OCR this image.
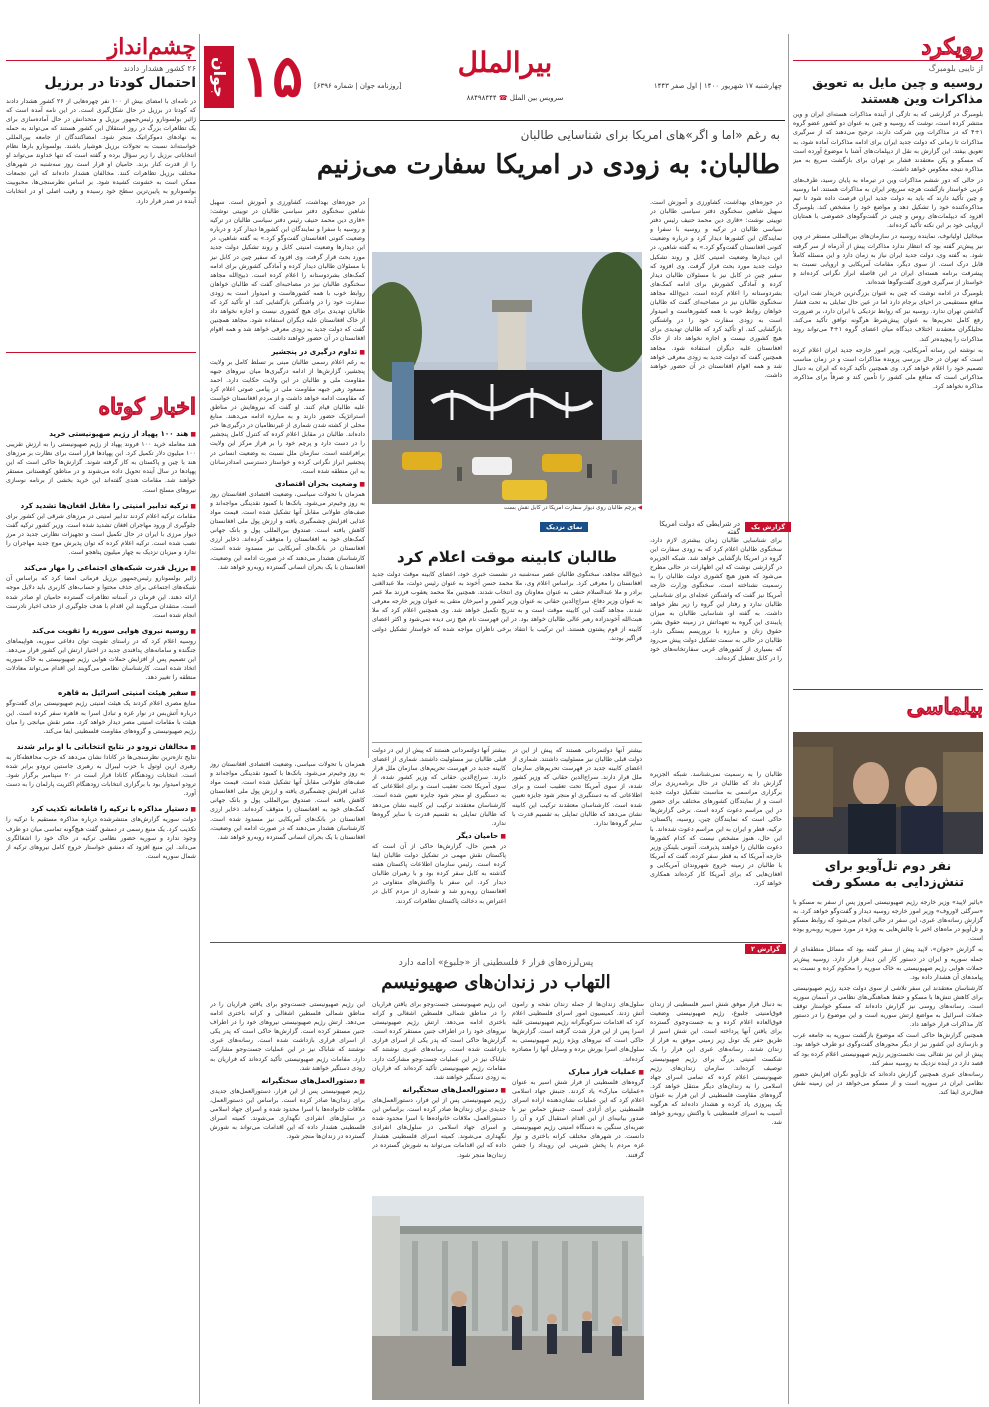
جوان ۱۵	بیرالملل
چهارشنبه ۱۷ شهریور ۱۴۰۰ | اول صفر ۱۴۴۳
[روزنامه جوان | شماره ۶۳۹۶]
سرویس بین الملل ☎ ۸۸۴۹۸۴۴۴
رویکرد
از تایبی بلومبرگ
روسیه و چین مایل به تعویق مذاکرات وین هستند

بلومبرگ در گزارشی که به تازگی از آینده مذاکرات هسته‌ای ایران و وین منتشر کرده است، نوشت که روسیه و چین به عنوان دو کشور عضو گروه ۱+۴ که در مذاکرات وین شرکت دارند، ترجیح می‌دهند که از سرگیری مذاکرات تا زمانی که دولت جدید ایران برای ادامه مذاکرات آماده شود، به تعویق بیفتد. این گزارش به نقل از دیپلمات‌های آشنا با موضوع آورده است که مسکو و پکن معتقدند فشار بر تهران برای بازگشت سریع به میز مذاکره نتیجه معکوس خواهد داشت.

در حالی که دور ششم مذاکرات وین در تیرماه به پایان رسید، طرف‌های غربی خواستار بازگشت هرچه سریع‌تر ایران به مذاکرات هستند. اما روسیه و چین تأکید دارند که باید به دولت جدید ایران فرصت داده شود تا تیم مذاکره‌کننده خود را تشکیل دهد و مواضع خود را مشخص کند. بلومبرگ افزود که دیپلمات‌های روس و چینی در گفت‌وگوهای خصوصی با همتایان اروپایی خود بر این نکته تأکید کرده‌اند.

میخائیل اولیانوف، نماینده روسیه در سازمان‌های بین‌المللی مستقر در وین نیز پیش‌تر گفته بود که انتظار ندارد مذاکرات پیش از آذرماه از سر گرفته شود. به گفته وی، دولت جدید ایران نیاز به زمان دارد و این مسئله کاملاً قابل درک است. از سوی دیگر، مقامات آمریکایی و اروپایی نسبت به پیشرفت برنامه هسته‌ای ایران در این فاصله ابراز نگرانی کرده‌اند و خواستار از سرگیری فوری گفت‌وگوها شده‌اند.

بلومبرگ در ادامه نوشت که چین به عنوان بزرگ‌ترین خریدار نفت ایران، منافع مستقیمی در احیای برجام دارد اما در عین حال تمایلی به تحت فشار گذاشتن تهران ندارد. روسیه نیز که روابط نزدیکی با ایران دارد، بر ضرورت رفع کامل تحریم‌ها به عنوان پیش‌شرط هرگونه توافق تأکید می‌کند. تحلیلگران معتقدند اختلاف دیدگاه میان اعضای گروه ۱+۴ می‌تواند روند مذاکرات را پیچیده‌تر کند.

به نوشته این رسانه آمریکایی، وزیر امور خارجه جدید ایران اعلام کرده است که تهران در حال بررسی پرونده مذاکرات است و در زمان مناسب تصمیم خود را اعلام خواهد کرد. وی همچنین تأکید کرده که ایران به دنبال مذاکراتی است که منافع ملی کشور را تأمین کند و صرفاً برای مذاکره، مذاکره نخواهد کرد.

بیلماسی
نفر دوم تل‌آویو برای تنش‌زدایی به مسکو رفت

«یائیر لاپید» وزیر خارجه رژیم صهیونیستی امروز پس از سفر به مسکو با «سرگئی لاوروف» وزیر امور خارجه روسیه دیدار و گفت‌وگو خواهد کرد. به گزارش رسانه‌های عبری، این سفر در حالی انجام می‌شود که روابط مسکو و تل‌آویو در ماه‌های اخیر با چالش‌هایی به ویژه در مورد سوریه روبه‌رو بوده است.

به گزارش «جوان»، لاپید پیش از سفر گفته بود که مسائل منطقه‌ای از جمله سوریه و ایران در دستور کار این دیدار قرار دارد. روسیه پیش‌تر حملات هوایی رژیم صهیونیستی به خاک سوریه را محکوم کرده و نسبت به پیامدهای آن هشدار داده بود.

کارشناسان معتقدند این سفر تلاشی از سوی دولت جدید رژیم صهیونیستی برای کاهش تنش‌ها با مسکو و حفظ هماهنگی‌های نظامی در آسمان سوریه است. رسانه‌های روسی نیز گزارش داده‌اند که مسکو خواستار توقف حملات اسرائیل به مواضع ارتش سوریه است و این موضوع را در دستور کار مذاکرات قرار خواهد داد.

همچنین گزارش‌ها حاکی است که موضوع بازگشت سوریه به جامعه عرب و بازسازی این کشور نیز از دیگر محورهای گفت‌وگوی دو طرف خواهد بود. پیش از این نیز نفتالی بنت نخست‌وزیر رژیم صهیونیستی اعلام کرده بود که قصد دارد در آینده نزدیک به روسیه سفر کند.

رسانه‌های عبری همچنین گزارش داده‌اند که تل‌آویو نگران افزایش حضور نظامی ایران در سوریه است و از مسکو می‌خواهد در این زمینه نقش فعال‌تری ایفا کند.

چشم‌انداز
۲۶ کشور هشدار دادند
احتمال کودتا در برزیل
در نامه‌ای با امضای بیش از ۱۰۰ نفر چهره‌هایی از ۲۶ کشور هشدار دادند که کودتا در برزیل در حال شکل‌گیری است. در این نامه آمده است که ژائیر بولسونارو رئیس‌جمهور برزیل و متحدانش در حال آماده‌سازی برای یک تظاهرات بزرگ در روز استقلال این کشور هستند که می‌تواند به حمله به نهادهای دموکراتیک منجر شود. امضاکنندگان از جامعه بین‌المللی خواسته‌اند نسبت به تحولات برزیل هوشیار باشند. بولسونارو بارها نظام انتخاباتی برزیل را زیر سؤال برده و گفته است که تنها خداوند می‌تواند او را از قدرت کنار بزند. حامیان او قرار است روز سه‌شنبه در شهرهای مختلف برزیل تظاهرات کنند. مخالفان هشدار داده‌اند که این تجمعات ممکن است به خشونت کشیده شود. بر اساس نظرسنجی‌ها، محبوبیت بولسونارو به پایین‌ترین سطح خود رسیده و رقیب اصلی او در انتخابات آینده در صدر قرار دارد.
اخبار کوتاه
■ هند ۱۰۰ پهپاد از رژیم صهیونیستی خرید

هند معامله خرید ۱۰۰ فروند پهپاد از رژیم صهیونیستی را به ارزش تقریبی ۱۰۰ میلیون دلار تکمیل کرد. این پهپادها قرار است برای نظارت بر مرزهای هند با چین و پاکستان به کار گرفته شوند. گزارش‌ها حاکی است که این پهپادها در سال آینده تحویل داده می‌شوند و در مناطق کوهستانی مستقر خواهند شد. مقامات هندی گفته‌اند این خرید بخشی از برنامه نوسازی نیروهای مسلح است.

■ ترکیه تدابیر امنیتی را مقابل افغان‌ها تشدید کرد

مقامات ترکیه اعلام کردند تدابیر امنیتی در مرزهای شرقی این کشور برای جلوگیری از ورود مهاجران افغان تشدید شده است. وزیر کشور ترکیه گفت دیوار مرزی با ایران در حال تکمیل است و تجهیزات نظارتی جدید در مرز نصب شده است. ترکیه اعلام کرده که توان پذیرش موج جدید مهاجران را ندارد و میزبان نزدیک به چهار میلیون پناهجو است.

■ برزیل قدرت شبکه‌های اجتماعی را مهار می‌کند

ژائیر بولسونارو رئیس‌جمهور برزیل فرمانی امضا کرد که براساس آن شبکه‌های اجتماعی برای حذف محتوا و حساب‌های کاربری باید دلایل موجه ارائه دهند. این فرمان در آستانه تظاهرات گسترده حامیان او صادر شده است. منتقدان می‌گویند این اقدام با هدف جلوگیری از حذف اخبار نادرست انجام شده است.

■ روسیه نیروی هوایی سوریه را تقویت می‌کند

روسیه اعلام کرد که در راستای تقویت توان دفاعی سوریه، هواپیماهای جنگنده و سامانه‌های پدافندی جدید در اختیار ارتش این کشور قرار می‌دهد. این تصمیم پس از افزایش حملات هوایی رژیم صهیونیستی به خاک سوریه اتخاذ شده است. کارشناسان نظامی می‌گویند این اقدام می‌تواند معادلات منطقه را تغییر دهد.

■ سفیر هیئت امنیتی اسرائیل به قاهره

منابع مصری اعلام کردند یک هیئت امنیتی رژیم صهیونیستی برای گفت‌وگو درباره آتش‌بس در نوار غزه و تبادل اسرا به قاهره سفر کرده است. این هیئت با مقامات امنیتی مصر دیدار خواهد کرد. مصر نقش میانجی را میان رژیم صهیونیستی و گروه‌های مقاومت فلسطینی ایفا می‌کند.

■ مخالفان ترودو در نتایج انتخاباتی با او برابر شدند

نتایج تازه‌ترین نظرسنجی‌ها در کانادا نشان می‌دهد که حزب محافظه‌کار به رهبری ارین اوتول با حزب لیبرال به رهبری جاستین ترودو برابر شده است. انتخابات زودهنگام کانادا قرار است در ۲۰ سپتامبر برگزار شود. ترودو امیدوار بود با برگزاری انتخابات زودهنگام اکثریت پارلمان را به دست آورد.

■ دستیار مذاکره با ترکیه را قاطعانه تکذیب کرد

دولت سوریه گزارش‌های منتشرشده درباره مذاکره مستقیم با ترکیه را تکذیب کرد. یک منبع رسمی در دمشق گفت هیچ‌گونه تماسی میان دو طرف وجود ندارد و سوریه حضور نظامی ترکیه در خاک خود را اشغالگری می‌داند. این منبع افزود که دمشق خواستار خروج کامل نیروهای ترکیه از شمال سوریه است.

به رغم «اما و اگر»های امریکا برای شناسایی طالبان
طالبان: به زودی در امریکا سفارت می‌زنیم
در حوزه‌های بهداشت، کشاورزی و آموزش است. سهیل شاهین سخنگوی دفتر سیاسی طالبان در توییتی نوشت: «قاری دین محمد حنیف رئیس دفتر سیاسی طالبان در ترکیه و روسیه با سفرا و نمایندگان این کشورها دیدار کرد و درباره وضعیت کنونی افغانستان گفت‌وگو کرد.» به گفته شاهین، در این دیدارها وضعیت امنیتی کابل و روند تشکیل دولت جدید مورد بحث قرار گرفت. وی افزود که سفیر چین در کابل نیز با مسئولان طالبان دیدار کرده و آمادگی کشورش برای ادامه کمک‌های بشردوستانه را اعلام کرده است. ذبیح‌الله مجاهد سخنگوی طالبان نیز در مصاحبه‌ای گفت که طالبان خواهان روابط خوب با همه کشورهاست و امیدوار است به زودی سفارت خود را در واشنگتن بازگشایی کند. او تأکید کرد که طالبان تهدیدی برای هیچ کشوری نیست و اجازه نخواهد داد از خاک افغانستان علیه دیگران استفاده شود. مجاهد همچنین گفت که دولت جدید به زودی معرفی خواهد شد و همه اقوام افغانستان در آن حضور خواهند داشت.
◀ پرچم طالبان روی دیوار سفارت امریکا در کابل نقش بست

در حوزه‌های بهداشت، کشاورزی و آموزش است. سهیل شاهین سخنگوی دفتر سیاسی طالبان در توییتی نوشت: «قاری دین محمد حنیف رئیس دفتر سیاسی طالبان در ترکیه و روسیه با سفرا و نمایندگان این کشورها دیدار کرد و درباره وضعیت کنونی افغانستان گفت‌وگو کرد.» به گفته شاهین، در این دیدارها وضعیت امنیتی کابل و روند تشکیل دولت جدید مورد بحث قرار گرفت. وی افزود که سفیر چین در کابل نیز با مسئولان طالبان دیدار کرده و آمادگی کشورش برای ادامه کمک‌های بشردوستانه را اعلام کرده است. ذبیح‌الله مجاهد سخنگوی طالبان نیز در مصاحبه‌ای گفت که طالبان خواهان روابط خوب با همه کشورهاست و امیدوار است به زودی سفارت خود را در واشنگتن بازگشایی کند. او تأکید کرد که طالبان تهدیدی برای هیچ کشوری نیست و اجازه نخواهد داد از خاک افغانستان علیه دیگران استفاده شود. مجاهد همچنین گفت که دولت جدید به زودی معرفی خواهد شد و همه اقوام افغانستان در آن حضور خواهند داشت.

■ تداوم درگیری در پنجشیر

به رغم اعلام رسمی طالبان مبنی بر تسلط کامل بر ولایت پنجشیر، گزارش‌ها از ادامه درگیری‌ها میان نیروهای جبهه مقاومت ملی و طالبان در این ولایت حکایت دارد. احمد مسعود رهبر جبهه مقاومت ملی در پیامی صوتی اعلام کرد که مقاومت ادامه خواهد داشت و از مردم افغانستان خواست علیه طالبان قیام کنند. او گفت که نیروهایش در مناطق استراتژیک حضور دارند و به مبارزه ادامه می‌دهند. منابع محلی از کشته شدن شماری از غیرنظامیان در درگیری‌ها خبر داده‌اند. طالبان در مقابل اعلام کرده که کنترل کامل پنجشیر را در دست دارد و پرچم خود را بر فراز مرکز این ولایت برافراشته است. سازمان ملل نسبت به وضعیت انسانی در پنجشیر ابراز نگرانی کرده و خواستار دسترسی امدادرسانان به این منطقه شده است.

■ وضعیت بحران اقتصادی

همزمان با تحولات سیاسی، وضعیت اقتصادی افغانستان روز به روز وخیم‌تر می‌شود. بانک‌ها با کمبود نقدینگی مواجه‌اند و صف‌های طولانی مقابل آنها تشکیل شده است. قیمت مواد غذایی افزایش چشمگیری یافته و ارزش پول ملی افغانستان کاهش یافته است. صندوق بین‌المللی پول و بانک جهانی کمک‌های خود به افغانستان را متوقف کرده‌اند. ذخایر ارزی افغانستان در بانک‌های آمریکایی نیز مسدود شده است. کارشناسان هشدار می‌دهند که در صورت ادامه این وضعیت، افغانستان با یک بحران انسانی گسترده روبه‌رو خواهد شد.

گزارش یک
نمای نزدیک
طالبان کابینه موقت اعلام کرد
در شرایطی که دولت امریکا گفته
برای شناسایی طالبان زمان بیشتری لازم دارد، سخنگوی طالبان اعلام کرد که به زودی سفارت این گروه در امریکا بازگشایی خواهد شد. شبکه الجزیره در گزارشی نوشت که این اظهارات در حالی مطرح می‌شود که هنوز هیچ کشوری دولت طالبان را به رسمیت نشناخته است. سخنگوی وزارت خارجه آمریکا نیز گفت که واشنگتن عجله‌ای برای شناسایی طالبان ندارد و رفتار این گروه را زیر نظر خواهد داشت. به گفته او، شناسایی طالبان به میزان پایبندی این گروه به تعهداتش در زمینه حقوق بشر، حقوق زنان و مبارزه با تروریسم بستگی دارد. طالبان در حالی به سمت تشکیل دولت پیش می‌رود که بسیاری از کشورهای غربی سفارتخانه‌های خود را در کابل تعطیل کرده‌اند.
ذبیح‌الله مجاهد، سخنگوی طالبان عصر سه‌شنبه در نشست خبری خود، اعضای کابینه موقت دولت جدید افغانستان را معرفی کرد. براساس اعلام وی، ملا محمد حسن آخوند به عنوان رئیس دولت، ملا عبدالغنی برادر و ملا عبدالسلام حنفی به عنوان معاونان وی انتخاب شدند. همچنین ملا محمد یعقوب فرزند ملا عمر به عنوان وزیر دفاع، سراج‌الدین حقانی به عنوان وزیر کشور و امیرخان متقی به عنوان وزیر خارجه معرفی شدند. مجاهد گفت این کابینه موقت است و به تدریج تکمیل خواهد شد. وی همچنین اعلام کرد که ملا هبت‌الله آخوندزاده رهبر عالی طالبان خواهد بود. در این فهرست نام هیچ زنی دیده نمی‌شود و اکثر اعضای کابینه از قوم پشتون هستند. این ترکیب با انتقاد برخی ناظران مواجه شده که خواستار تشکیل دولتی فراگیر بودند.
طالبان را به رسمیت نمی‌شناسد. شبکه الجزیره گزارش داد که طالبان در حال برنامه‌ریزی برای برگزاری مراسمی به مناسبت تشکیل دولت جدید است و از نمایندگان کشورهای مختلف برای حضور در این مراسم دعوت کرده است. برخی گزارش‌ها حاکی است که نمایندگان چین، روسیه، پاکستان، ترکیه، قطر و ایران به این مراسم دعوت شده‌اند. با این حال، هنوز مشخص نیست که کدام کشورها دعوت طالبان را خواهند پذیرفت. آنتونی بلینکن وزیر خارجه آمریکا که به قطر سفر کرده، گفت که آمریکا با طالبان در زمینه خروج شهروندان آمریکایی و افغان‌هایی که برای آمریکا کار کرده‌اند همکاری خواهد کرد.
بیشتر آنها دولتمردانی هستند که پیش از این در دولت قبلی طالبان نیز مسئولیت داشتند. شماری از اعضای کابینه جدید در فهرست تحریم‌های سازمان ملل قرار دارند. سراج‌الدین حقانی که وزیر کشور شده، از سوی آمریکا تحت تعقیب است و برای اطلاعاتی که به دستگیری او منجر شود جایزه تعیین شده است. کارشناسان معتقدند ترکیب این کابینه نشان می‌دهد که طالبان تمایلی به تقسیم قدرت با سایر گروه‌ها ندارد.

بیشتر آنها دولتمردانی هستند که پیش از این در دولت قبلی طالبان نیز مسئولیت داشتند. شماری از اعضای کابینه جدید در فهرست تحریم‌های سازمان ملل قرار دارند. سراج‌الدین حقانی که وزیر کشور شده، از سوی آمریکا تحت تعقیب است و برای اطلاعاتی که به دستگیری او منجر شود جایزه تعیین شده است. کارشناسان معتقدند ترکیب این کابینه نشان می‌دهد که طالبان تمایلی به تقسیم قدرت با سایر گروه‌ها ندارد.

■ حامیان دیگر

در همین حال، گزارش‌ها حاکی از آن است که پاکستان نقش مهمی در تشکیل دولت طالبان ایفا کرده است. رئیس سازمان اطلاعات پاکستان هفته گذشته به کابل سفر کرده بود و با رهبران طالبان دیدار کرد. این سفر با واکنش‌های متفاوتی در افغانستان روبه‌رو شد و شماری از مردم کابل در اعتراض به دخالت پاکستان تظاهرات کردند.

همزمان با تحولات سیاسی، وضعیت اقتصادی افغانستان روز به روز وخیم‌تر می‌شود. بانک‌ها با کمبود نقدینگی مواجه‌اند و صف‌های طولانی مقابل آنها تشکیل شده است. قیمت مواد غذایی افزایش چشمگیری یافته و ارزش پول ملی افغانستان کاهش یافته است. صندوق بین‌المللی پول و بانک جهانی کمک‌های خود به افغانستان را متوقف کرده‌اند. ذخایر ارزی افغانستان در بانک‌های آمریکایی نیز مسدود شده است. کارشناسان هشدار می‌دهند که در صورت ادامه این وضعیت، افغانستان با یک بحران انسانی گسترده روبه‌رو خواهد شد.

گزارش ۲
پس‌لرزه‌های فرار ۶ فلسطینی از «جلبوع» ادامه دارد
التهاب در زندان‌های صهیونیسم
به دنبال فرار موفق شش اسیر فلسطینی از زندان فوق‌امنیتی جلبوع، رژیم صهیونیستی وضعیت فوق‌العاده اعلام کرده و به جست‌وجوی گسترده برای یافتن آنها پرداخته است. این شش اسیر از طریق حفر یک تونل زیر زمینی موفق به فرار از زندان شدند. رسانه‌های عبری این فرار را یک شکست امنیتی بزرگ برای رژیم صهیونیستی توصیف کرده‌اند. سازمان زندان‌های رژیم صهیونیستی اعلام کرده که تمامی اسرای جهاد اسلامی را به زندان‌های دیگر منتقل خواهد کرد. گروه‌های مقاومت فلسطینی از این فرار به عنوان یک پیروزی یاد کرده و هشدار داده‌اند که هرگونه آسیب به اسرای فلسطینی با واکنش روبه‌رو خواهد شد.

سلول‌های زندان‌ها از جمله زندان نفحه و رامون آتش زدند. کمیسیون امور اسرای فلسطینی اعلام کرد که اقدامات سرکوبگرانه رژیم صهیونیستی علیه اسرا پس از این فرار شدت گرفته است. گزارش‌ها حاکی است که نیروهای ویژه رژیم صهیونیستی به سلول‌های اسرا یورش برده و وسایل آنها را مصادره کرده‌اند.

■ عملیات فرار مبارک

گروه‌های فلسطینی از فرار شش اسیر به عنوان «عملیات مبارک» یاد کردند. جنبش جهاد اسلامی اعلام کرد که این عملیات نشان‌دهنده اراده اسرای فلسطینی برای آزادی است. جنبش حماس نیز با صدور بیانیه‌ای از این اقدام استقبال کرد و آن را ضربه‌ای سنگین به دستگاه امنیتی رژیم صهیونیستی دانست. در شهرهای مختلف کرانه باختری و نوار غزه مردم با پخش شیرینی این رویداد را جشن گرفتند.

این رژیم صهیونیستی جست‌وجو برای یافتن فراریان را در مناطق شمالی فلسطین اشغالی و کرانه باختری ادامه می‌دهد. ارتش رژیم صهیونیستی نیروهای خود را در اطراف جنین مستقر کرده است. گزارش‌ها حاکی است که پدر یکی از اسرای فراری بازداشت شده است. رسانه‌های عبری نوشتند که شاباک نیز در این عملیات جست‌وجو مشارکت دارد. مقامات رژیم صهیونیستی تأکید کرده‌اند که فراریان به زودی دستگیر خواهند شد.

■ دستورالعمل‌های سختگیرانه

رژیم صهیونیستی پس از این فرار، دستورالعمل‌های جدیدی برای زندان‌ها صادر کرده است. براساس این دستورالعمل، ملاقات خانواده‌ها با اسرا محدود شده و اسرای جهاد اسلامی در سلول‌های انفرادی نگهداری می‌شوند. کمیته اسرای فلسطینی هشدار داده که این اقدامات می‌تواند به شورش گسترده در زندان‌ها منجر شود.

این رژیم صهیونیستی جست‌وجو برای یافتن فراریان را در مناطق شمالی فلسطین اشغالی و کرانه باختری ادامه می‌دهد. ارتش رژیم صهیونیستی نیروهای خود را در اطراف جنین مستقر کرده است. گزارش‌ها حاکی است که پدر یکی از اسرای فراری بازداشت شده است. رسانه‌های عبری نوشتند که شاباک نیز در این عملیات جست‌وجو مشارکت دارد. مقامات رژیم صهیونیستی تأکید کرده‌اند که فراریان به زودی دستگیر خواهند شد.

■ دستورالعمل‌های سختگیرانه

رژیم صهیونیستی پس از این فرار، دستورالعمل‌های جدیدی برای زندان‌ها صادر کرده است. براساس این دستورالعمل، ملاقات خانواده‌ها با اسرا محدود شده و اسرای جهاد اسلامی در سلول‌های انفرادی نگهداری می‌شوند. کمیته اسرای فلسطینی هشدار داده که این اقدامات می‌تواند به شورش گسترده در زندان‌ها منجر شود.
